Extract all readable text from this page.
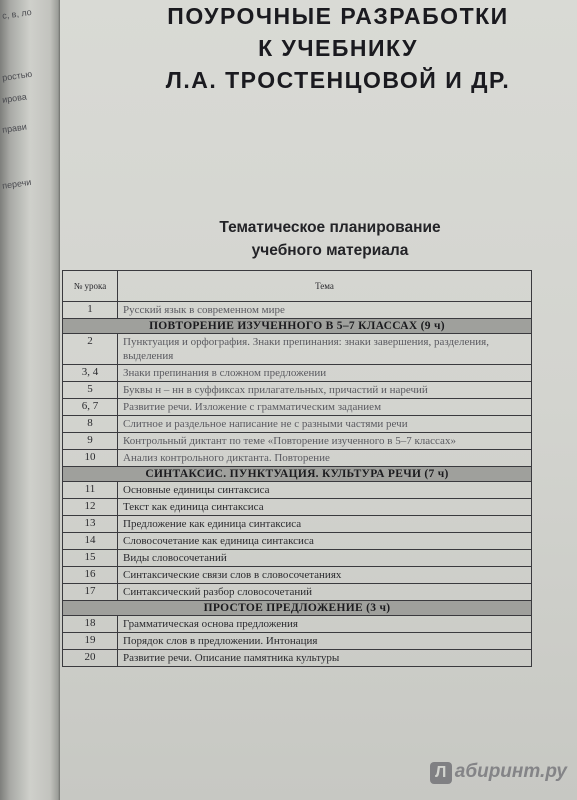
с, в, ло
ростью
ирова
прави
перечи
ПОУРОЧНЫЕ РАЗРАБОТКИ
К УЧЕБНИКУ
Л.А. ТРОСТЕНЦОВОЙ И ДР.
Тематическое планирование
учебного материала
№ урока	Тема
1	Русский язык в современном мире
ПОВТОРЕНИЕ ИЗУЧЕННОГО В 5–7 КЛАССАХ (9 ч)	
2	Пунктуация и орфография. Знаки препинания: знаки завершения, разделения, выделения
3, 4	Знаки препинания в сложном предложении
5	Буквы н – нн в суффиксах прилагательных, причастий и наречий
6, 7	Развитие речи. Изложение с грамматическим заданием
8	Слитное и раздельное написание не с разными частями речи
9	Контрольный диктант по теме «Повторение изученного в 5–7 классах»
10	Анализ контрольного диктанта. Повторение
СИНТАКСИС. ПУНКТУАЦИЯ. КУЛЬТУРА РЕЧИ (7 ч)	
11	Основные единицы синтаксиса
12	Текст как единица синтаксиса
13	Предложение как единица синтаксиса
14	Словосочетание как единица синтаксиса
15	Виды словосочетаний
16	Синтаксические связи слов в словосочетаниях
17	Синтаксический разбор словосочетаний
ПРОСТОЕ ПРЕДЛОЖЕНИЕ (3 ч)	
18	Грамматическая основа предложения
19	Порядок слов в предложении. Интонация
20	Развитие речи. Описание памятника культуры
Л абиринт.ру
